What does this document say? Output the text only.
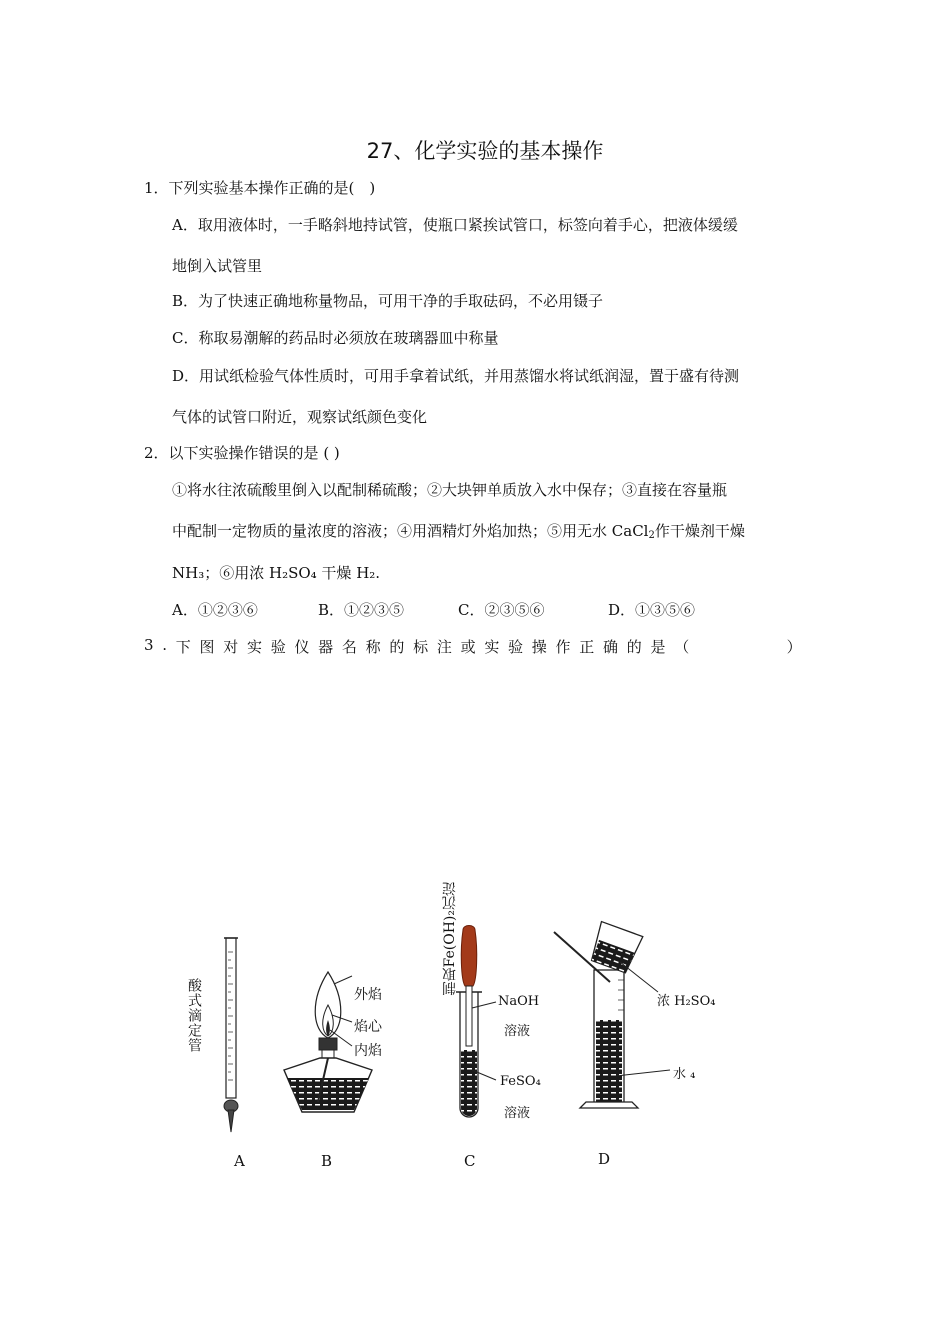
27、化学实验的基本操作
1．下列实验基本操作正确的是(　)
A．取用液体时，一手略斜地持试管，使瓶口紧挨试管口，标签向着手心，把液体缓缓
地倒入试管里
B．为了快速正确地称量物品，可用干净的手取砝码，不必用镊子
C．称取易潮解的药品时必须放在玻璃器皿中称量
D．用试纸检验气体性质时，可用手拿着试纸，并用蒸馏水将试纸润湿，置于盛有待测
气体的试管口附近，观察试纸颜色变化
2．以下实验操作错误的是 ( )
①将水往浓硫酸里倒入以配制稀硫酸；②大块钾单质放入水中保存；③直接在容量瓶
中配制一定物质的量浓度的溶液；④用酒精灯外焰加热；⑤用无水 CaCl$_2$作干燥剂干燥
NH₃；⑥用浓 H₂SO₄ 干燥 H₂.
A．①②③⑥	B．①②③⑤	C．②③⑤⑥	D．①③⑤⑥
3 . 下 图 对 实 验 仪 器 名 称 的 标 注 或 实 验 操 作 正 确 的 是 （	）
酸式滴定管	外焰
焰心
内焰
制取Fe(OH)₂沉淀
NaOH
溶液
FeSO₄
溶液
浓 H₂SO₄
水 ₄
A	B	C	D
